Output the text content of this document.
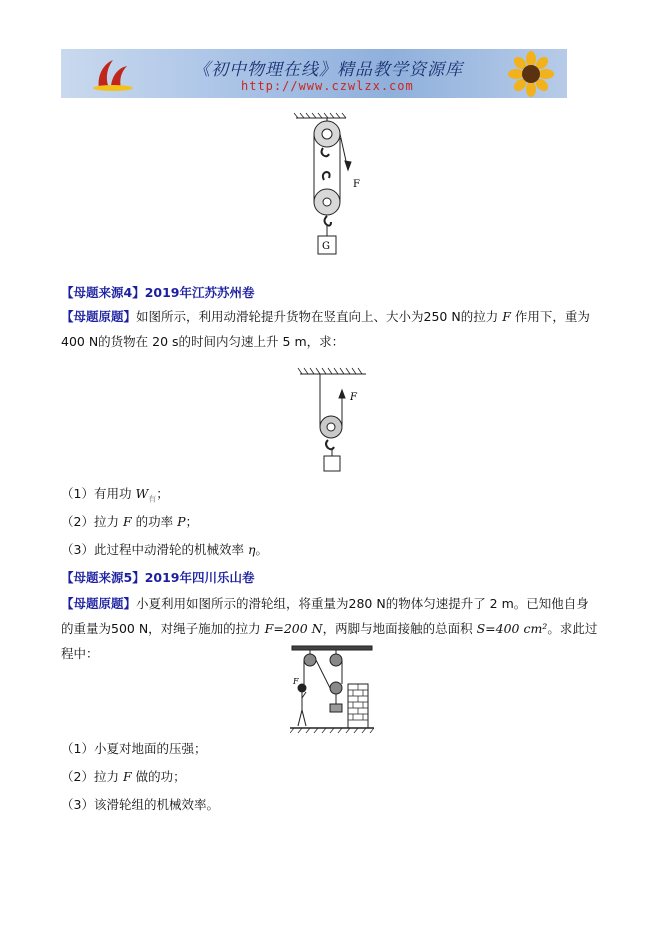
《初中物理在线》精品教学资源库
http://www.czwlzx.com
F
G
【母题来源4】2019年江苏苏州卷
【母题原题】如图所示，利用动滑轮提升货物在竖直向上、大小为250 N的拉力 F 作用下，重为400 N的货物在 20 s的时间内匀速上升 5 m，求：
F
（1）有用功 $W_有$；
（2）拉力 F 的功率 P；
（3）此过程中动滑轮的机械效率 η。
【母题来源5】2019年四川乐山卷
【母题原题】小夏利用如图所示的滑轮组，将重量为280 N的物体匀速提升了 2 m。已知他自身的重量为500 N，对绳子施加的拉力 F=200 N，两脚与地面接触的总面积 S=400 cm²。求此过程中：
F
（1）小夏对地面的压强；
（2）拉力 F 做的功；
（3）该滑轮组的机械效率。
